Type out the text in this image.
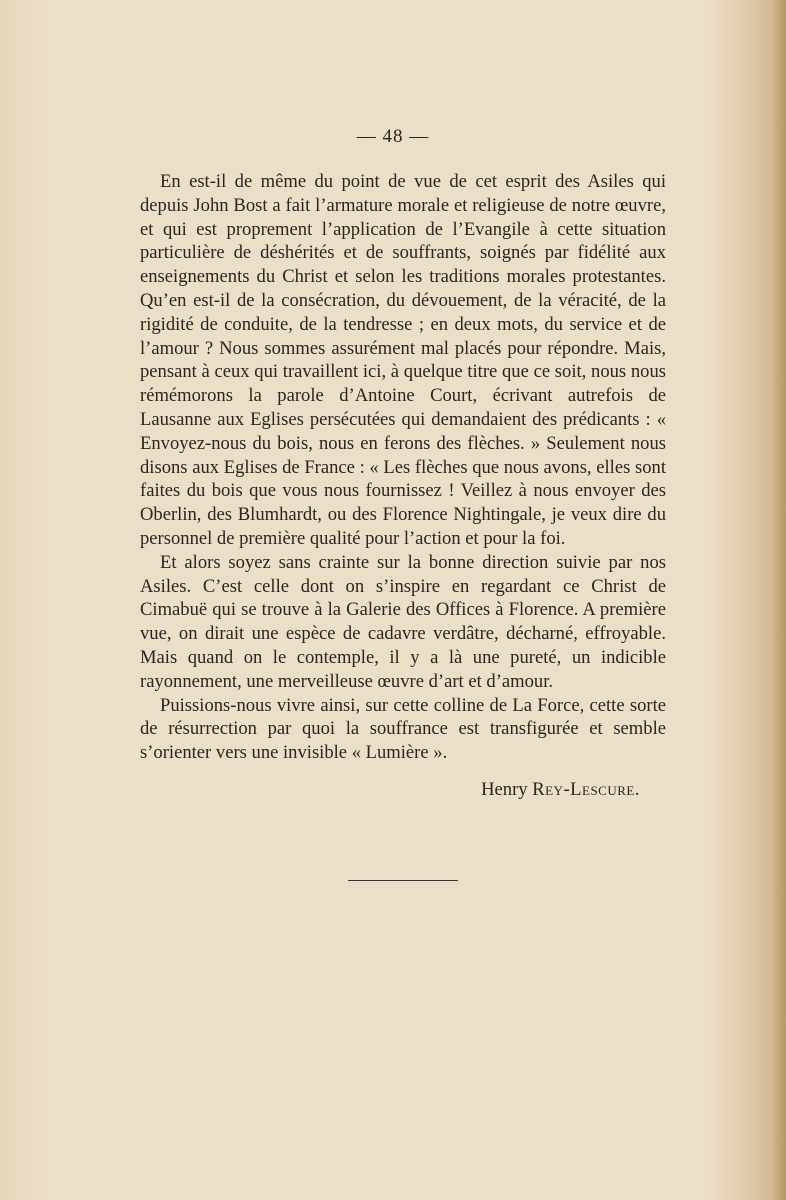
— 48 —

En est-il de même du point de vue de cet esprit des Asiles qui depuis John Bost a fait l’armature morale et religieuse de notre œuvre, et qui est proprement l’application de l’Evangile à cette situation particulière de déshérités et de souffrants, soignés par fidélité aux enseignements du Christ et selon les traditions morales protestantes. Qu’en est-il de la consécration, du dévouement, de la véracité, de la rigidité de conduite, de la tendresse ; en deux mots, du service et de l’amour ? Nous sommes assurément mal placés pour répondre. Mais, pensant à ceux qui travaillent ici, à quelque titre que ce soit, nous nous rémémorons la parole d’Antoine Court, écrivant autrefois de Lausanne aux Eglises persécutées qui demandaient des prédicants : « Envoyez-nous du bois, nous en ferons des flèches. » Seulement nous disons aux Eglises de France : « Les flèches que nous avons, elles sont faites du bois que vous nous fournissez ! Veillez à nous envoyer des Oberlin, des Blumhardt, ou des Florence Nightingale, je veux dire du personnel de première qualité pour l’action et pour la foi.

Et alors soyez sans crainte sur la bonne direction suivie par nos Asiles. C’est celle dont on s’inspire en regardant ce Christ de Cimabuë qui se trouve à la Galerie des Offices à Florence. A première vue, on dirait une espèce de cadavre verdâtre, décharné, effroyable. Mais quand on le contemple, il y a là une pureté, un indicible rayonnement, une merveilleuse œuvre d’art et d’amour.

Puissions-nous vivre ainsi, sur cette colline de La Force, cette sorte de résurrection par quoi la souffrance est transfigurée et semble s’orienter vers une invisible « Lumière ».

Henry Rey-Lescure.
